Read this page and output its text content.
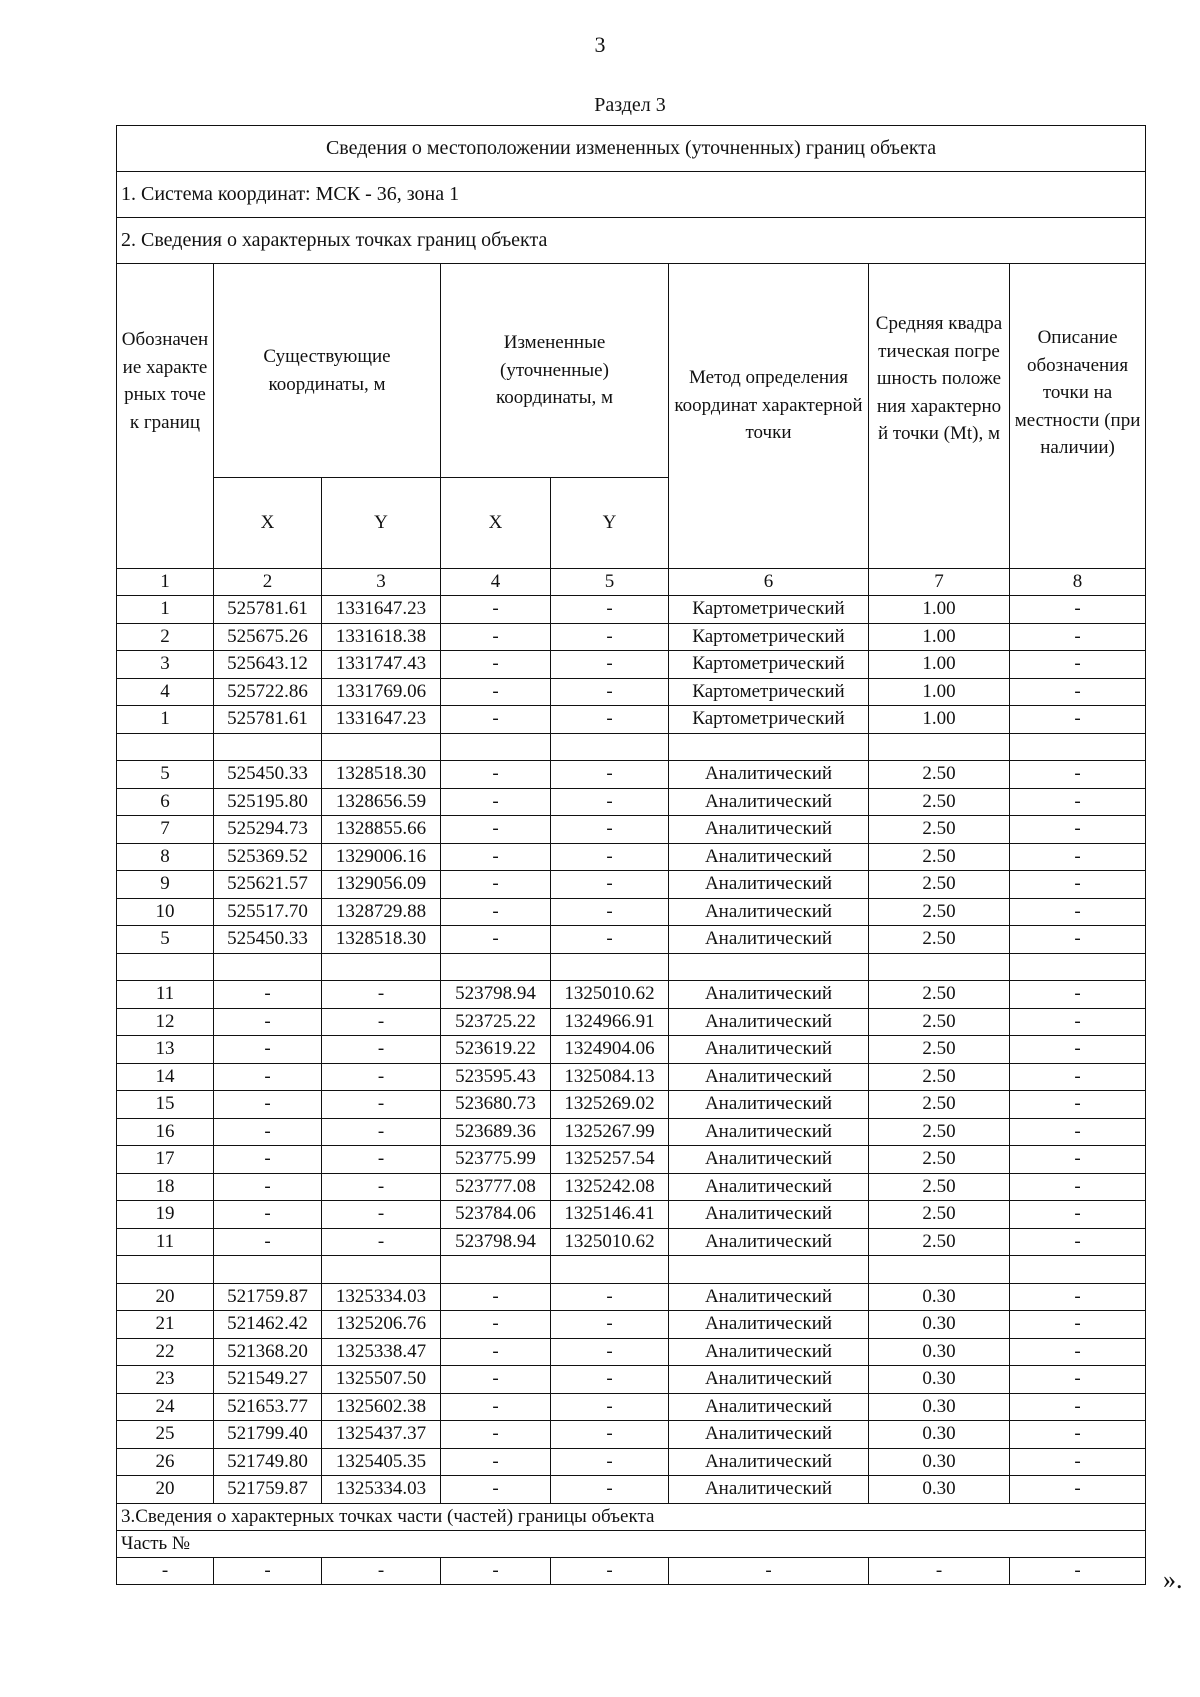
3
Раздел 3
Сведения о местоположении измененных (уточненных) границ объекта							
1. Система координат: МСК - 36, зона 1							
2. Сведения о характерных точках границ объекта							
Обозначение характерных точек границ	Существующие координаты, м		Измененные (уточненные) координаты, м		Метод определения координат характерной точки	Средняя квадратическая погрешность положения характерной точки (Mt), м	Описание обозначения точки на местности (при наличии)
	X	Y	X	Y			
1	2	3	4	5	6	7	8
1	525781.61	1331647.23	-	-	Картометрический	1.00	-
2	525675.26	1331618.38	-	-	Картометрический	1.00	-
3	525643.12	1331747.43	-	-	Картометрический	1.00	-
4	525722.86	1331769.06	-	-	Картометрический	1.00	-
1	525781.61	1331647.23	-	-	Картометрический	1.00	-

5	525450.33	1328518.30	-	-	Аналитический	2.50	-
6	525195.80	1328656.59	-	-	Аналитический	2.50	-
7	525294.73	1328855.66	-	-	Аналитический	2.50	-
8	525369.52	1329006.16	-	-	Аналитический	2.50	-
9	525621.57	1329056.09	-	-	Аналитический	2.50	-
10	525517.70	1328729.88	-	-	Аналитический	2.50	-
5	525450.33	1328518.30	-	-	Аналитический	2.50	-

11	-	-	523798.94	1325010.62	Аналитический	2.50	-
12	-	-	523725.22	1324966.91	Аналитический	2.50	-
13	-	-	523619.22	1324904.06	Аналитический	2.50	-
14	-	-	523595.43	1325084.13	Аналитический	2.50	-
15	-	-	523680.73	1325269.02	Аналитический	2.50	-
16	-	-	523689.36	1325267.99	Аналитический	2.50	-
17	-	-	523775.99	1325257.54	Аналитический	2.50	-
18	-	-	523777.08	1325242.08	Аналитический	2.50	-
19	-	-	523784.06	1325146.41	Аналитический	2.50	-
11	-	-	523798.94	1325010.62	Аналитический	2.50	-

20	521759.87	1325334.03	-	-	Аналитический	0.30	-
21	521462.42	1325206.76	-	-	Аналитический	0.30	-
22	521368.20	1325338.47	-	-	Аналитический	0.30	-
23	521549.27	1325507.50	-	-	Аналитический	0.30	-
24	521653.77	1325602.38	-	-	Аналитический	0.30	-
25	521799.40	1325437.37	-	-	Аналитический	0.30	-
26	521749.80	1325405.35	-	-	Аналитический	0.30	-
20	521759.87	1325334.03	-	-	Аналитический	0.30	-
3.Сведения о характерных точках части (частей) границы объекта							
Часть №							
-	-	-	-	-	-	-	-	».
